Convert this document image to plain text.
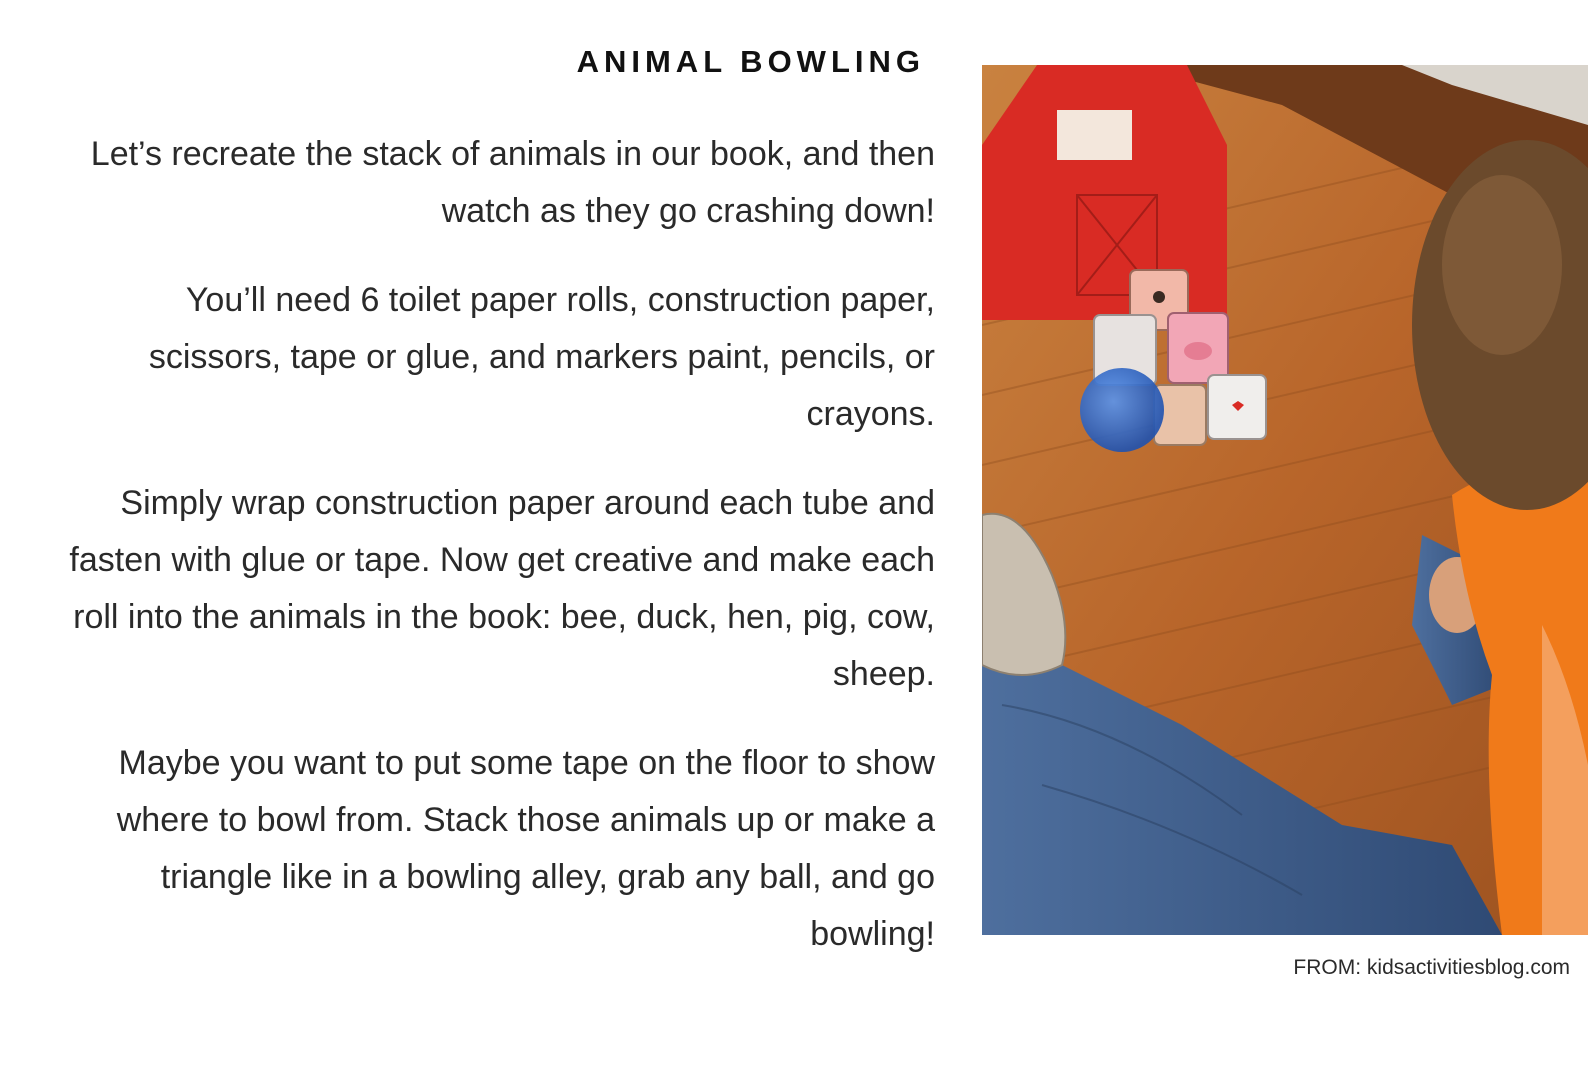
ANIMAL BOWLING

Let’s recreate the stack of animals in our book, and then watch as they go crashing down!

You’ll need 6 toilet paper rolls, construction paper, scissors, tape or glue, and markers paint, pencils, or crayons.

Simply wrap construction paper around each tube and fasten with glue or tape. Now get creative and make each roll into the animals in the book: bee, duck, hen, pig, cow, sheep.

Maybe you want to put some tape on the floor to show where to bowl from. Stack those animals up or make a triangle like in a bowling alley, grab any ball, and go bowling!

FROM: kidsactivitiesblog.com
